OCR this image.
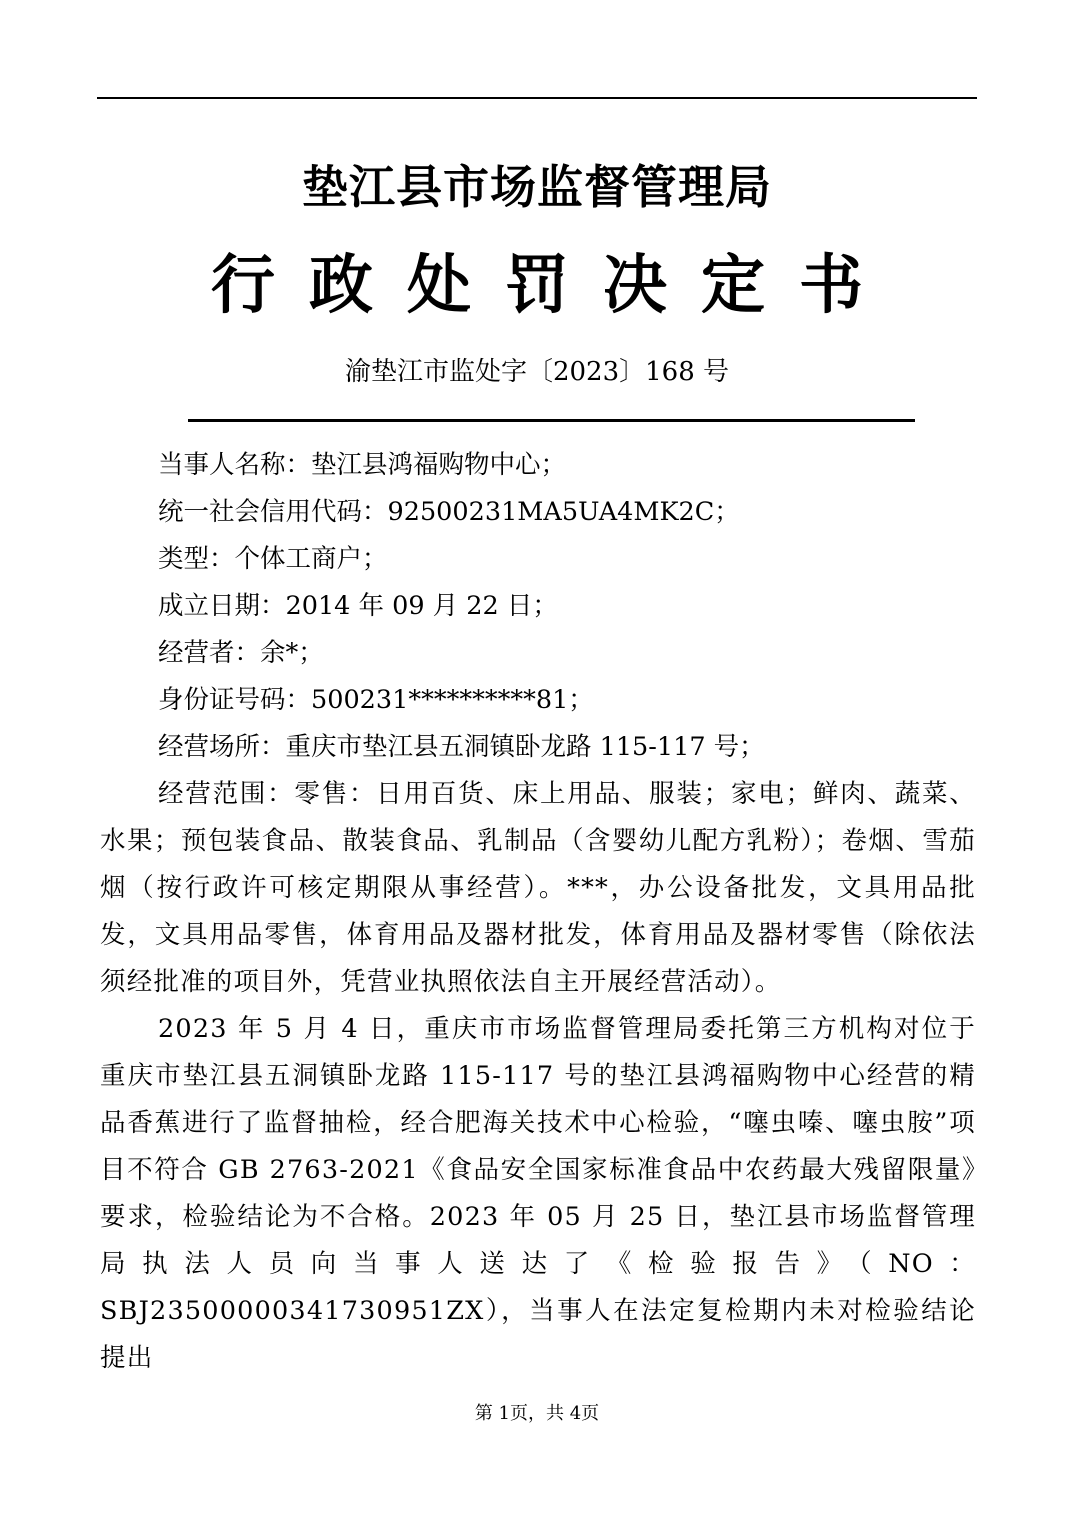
垫江县市场监督管理局
行政处罚决定书
渝垫江市监处字〔2023〕168 号
当事人名称：垫江县鸿福购物中心；
统一社会信用代码：92500231MA5UA4MK2C；
类型：个体工商户；
成立日期：2014 年 09 月 22 日；
经营者：余*；
身份证号码：500231**********81；
经营场所：重庆市垫江县五洞镇卧龙路 115-117 号；
经营范围：零售：日用百货、床上用品、服装；家电；鲜肉、蔬菜、水果；预包装食品、散装食品、乳制品（含婴幼儿配方乳粉）；卷烟、雪茄烟（按行政许可核定期限从事经营）。***，办公设备批发，文具用品批发，文具用品零售，体育用品及器材批发，体育用品及器材零售（除依法须经批准的项目外，凭营业执照依法自主开展经营活动）。
2023 年 5 月 4 日，重庆市市场监督管理局委托第三方机构对位于重庆市垫江县五洞镇卧龙路 115-117 号的垫江县鸿福购物中心经营的精品香蕉进行了监督抽检，经合肥海关技术中心检验，“噻虫嗪、噻虫胺”项目不符合 GB 2763-2021《食品安全国家标准食品中农药最大残留限量》要求，检验结论为不合格。2023 年 05 月 25 日，垫江县市场监督管理局执法人员向当事人送达了《检验报告》（NO：SBJ23500000341730951ZX），当事人在法定复检期内未对检验结论提出
第 1页，共 4页
